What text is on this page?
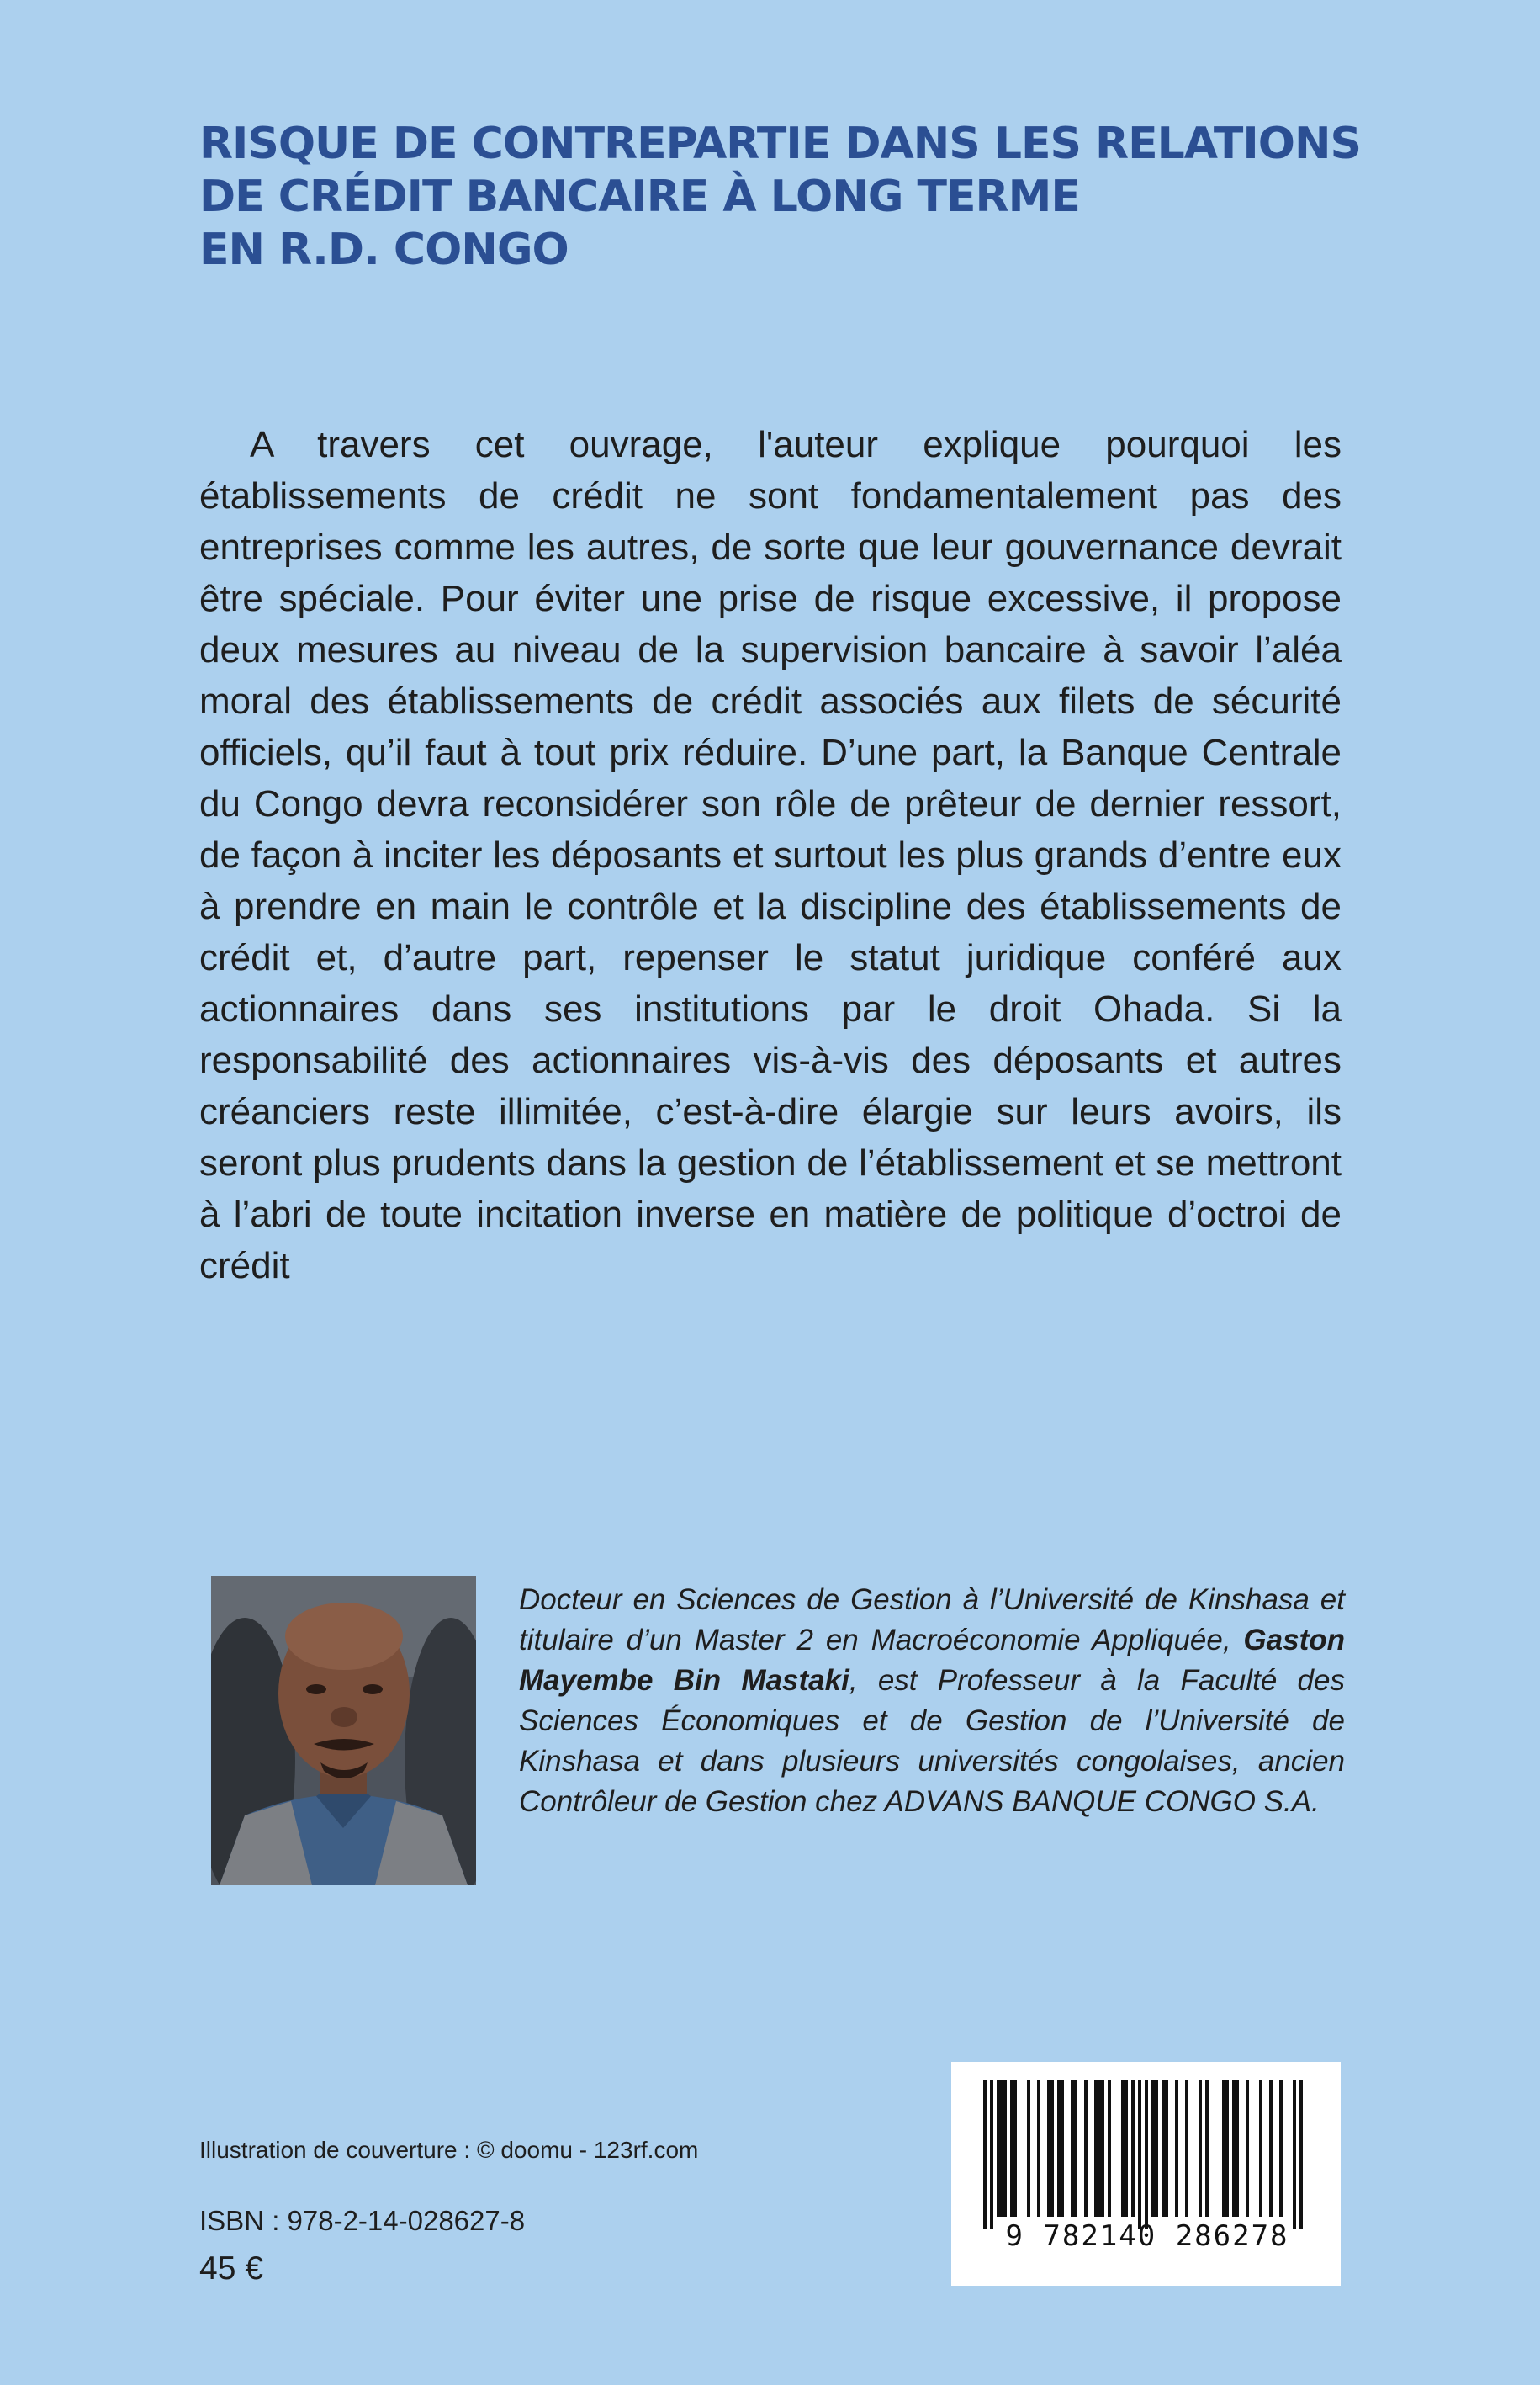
RISQUE DE CONTREPARTIE DANS LES RELATIONS
DE CRÉDIT BANCAIRE À LONG TERME
EN R.D. CONGO

A travers cet ouvrage, l'auteur explique pourquoi les établissements de crédit ne sont fondamentalement pas des entreprises comme les autres, de sorte que leur gouvernance devrait être spéciale. Pour éviter une prise de risque excessive, il propose deux mesures au niveau de la supervision bancaire à savoir l’aléa moral des établissements de crédit associés aux filets de sécurité officiels, qu’il faut à tout prix réduire. D’une part, la Banque Centrale du Congo devra reconsidérer son rôle de prêteur de dernier ressort, de façon à inciter les déposants et surtout les plus grands d’entre eux à prendre en main le contrôle et la discipline des établissements de crédit et, d’autre part, repenser le statut juridique conféré aux actionnaires dans ses institutions par le droit Ohada. Si la responsabilité des actionnaires vis-à-vis des déposants et autres créanciers reste illimitée, c’est-à-dire élargie sur leurs avoirs, ils seront plus prudents dans la gestion de l’établissement et se mettront à l’abri de toute incitation inverse en matière de politique d’octroi de crédit

Docteur en Sciences de Gestion à l’Université de Kinshasa et titulaire d’un Master 2 en Macroéconomie Appliquée, Gaston Mayembe Bin Mastaki, est Professeur à la Faculté des Sciences Économiques et de Gestion de l’Université de Kinshasa et dans plusieurs universités congolaises, ancien Contrôleur de Gestion chez ADVANS BANQUE CONGO S.A.

Illustration de couverture : © doomu - 123rf.com
ISBN : 978-2-14-028627-8
45 €
9 782140 286278
